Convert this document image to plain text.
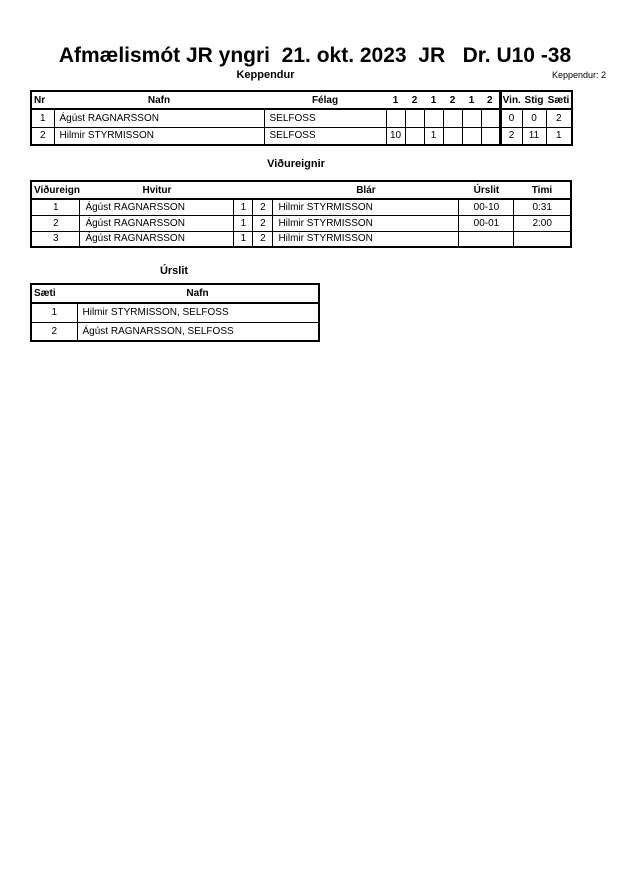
Afmælismót JR yngri  21. okt. 2023  JR   Dr. U10 -38
Keppendur	Keppendur: 2
Nr	Nafn	Félag	1	2	1	2	1	2	Vin.	Stig	Sæti
1	Ágúst RAGNARSSON	SELFOSS							0	0	2
2	Hilmir STYRMISSON	SELFOSS	10		1				2	11	1
Viðureignir
Viðureign	Hvitur			Blár	Úrslit	Timi
1	Ágúst RAGNARSSON	1	2	Hilmir STYRMISSON	00-10	0:31
2	Ágúst RAGNARSSON	1	2	Hilmir STYRMISSON	00-01	2:00
3	Ágúst RAGNARSSON	1	2	Hilmir STYRMISSON		
Úrslit
Sæti	Nafn
1	Hilmir STYRMISSON, SELFOSS
2	Ágúst RAGNARSSON, SELFOSS
